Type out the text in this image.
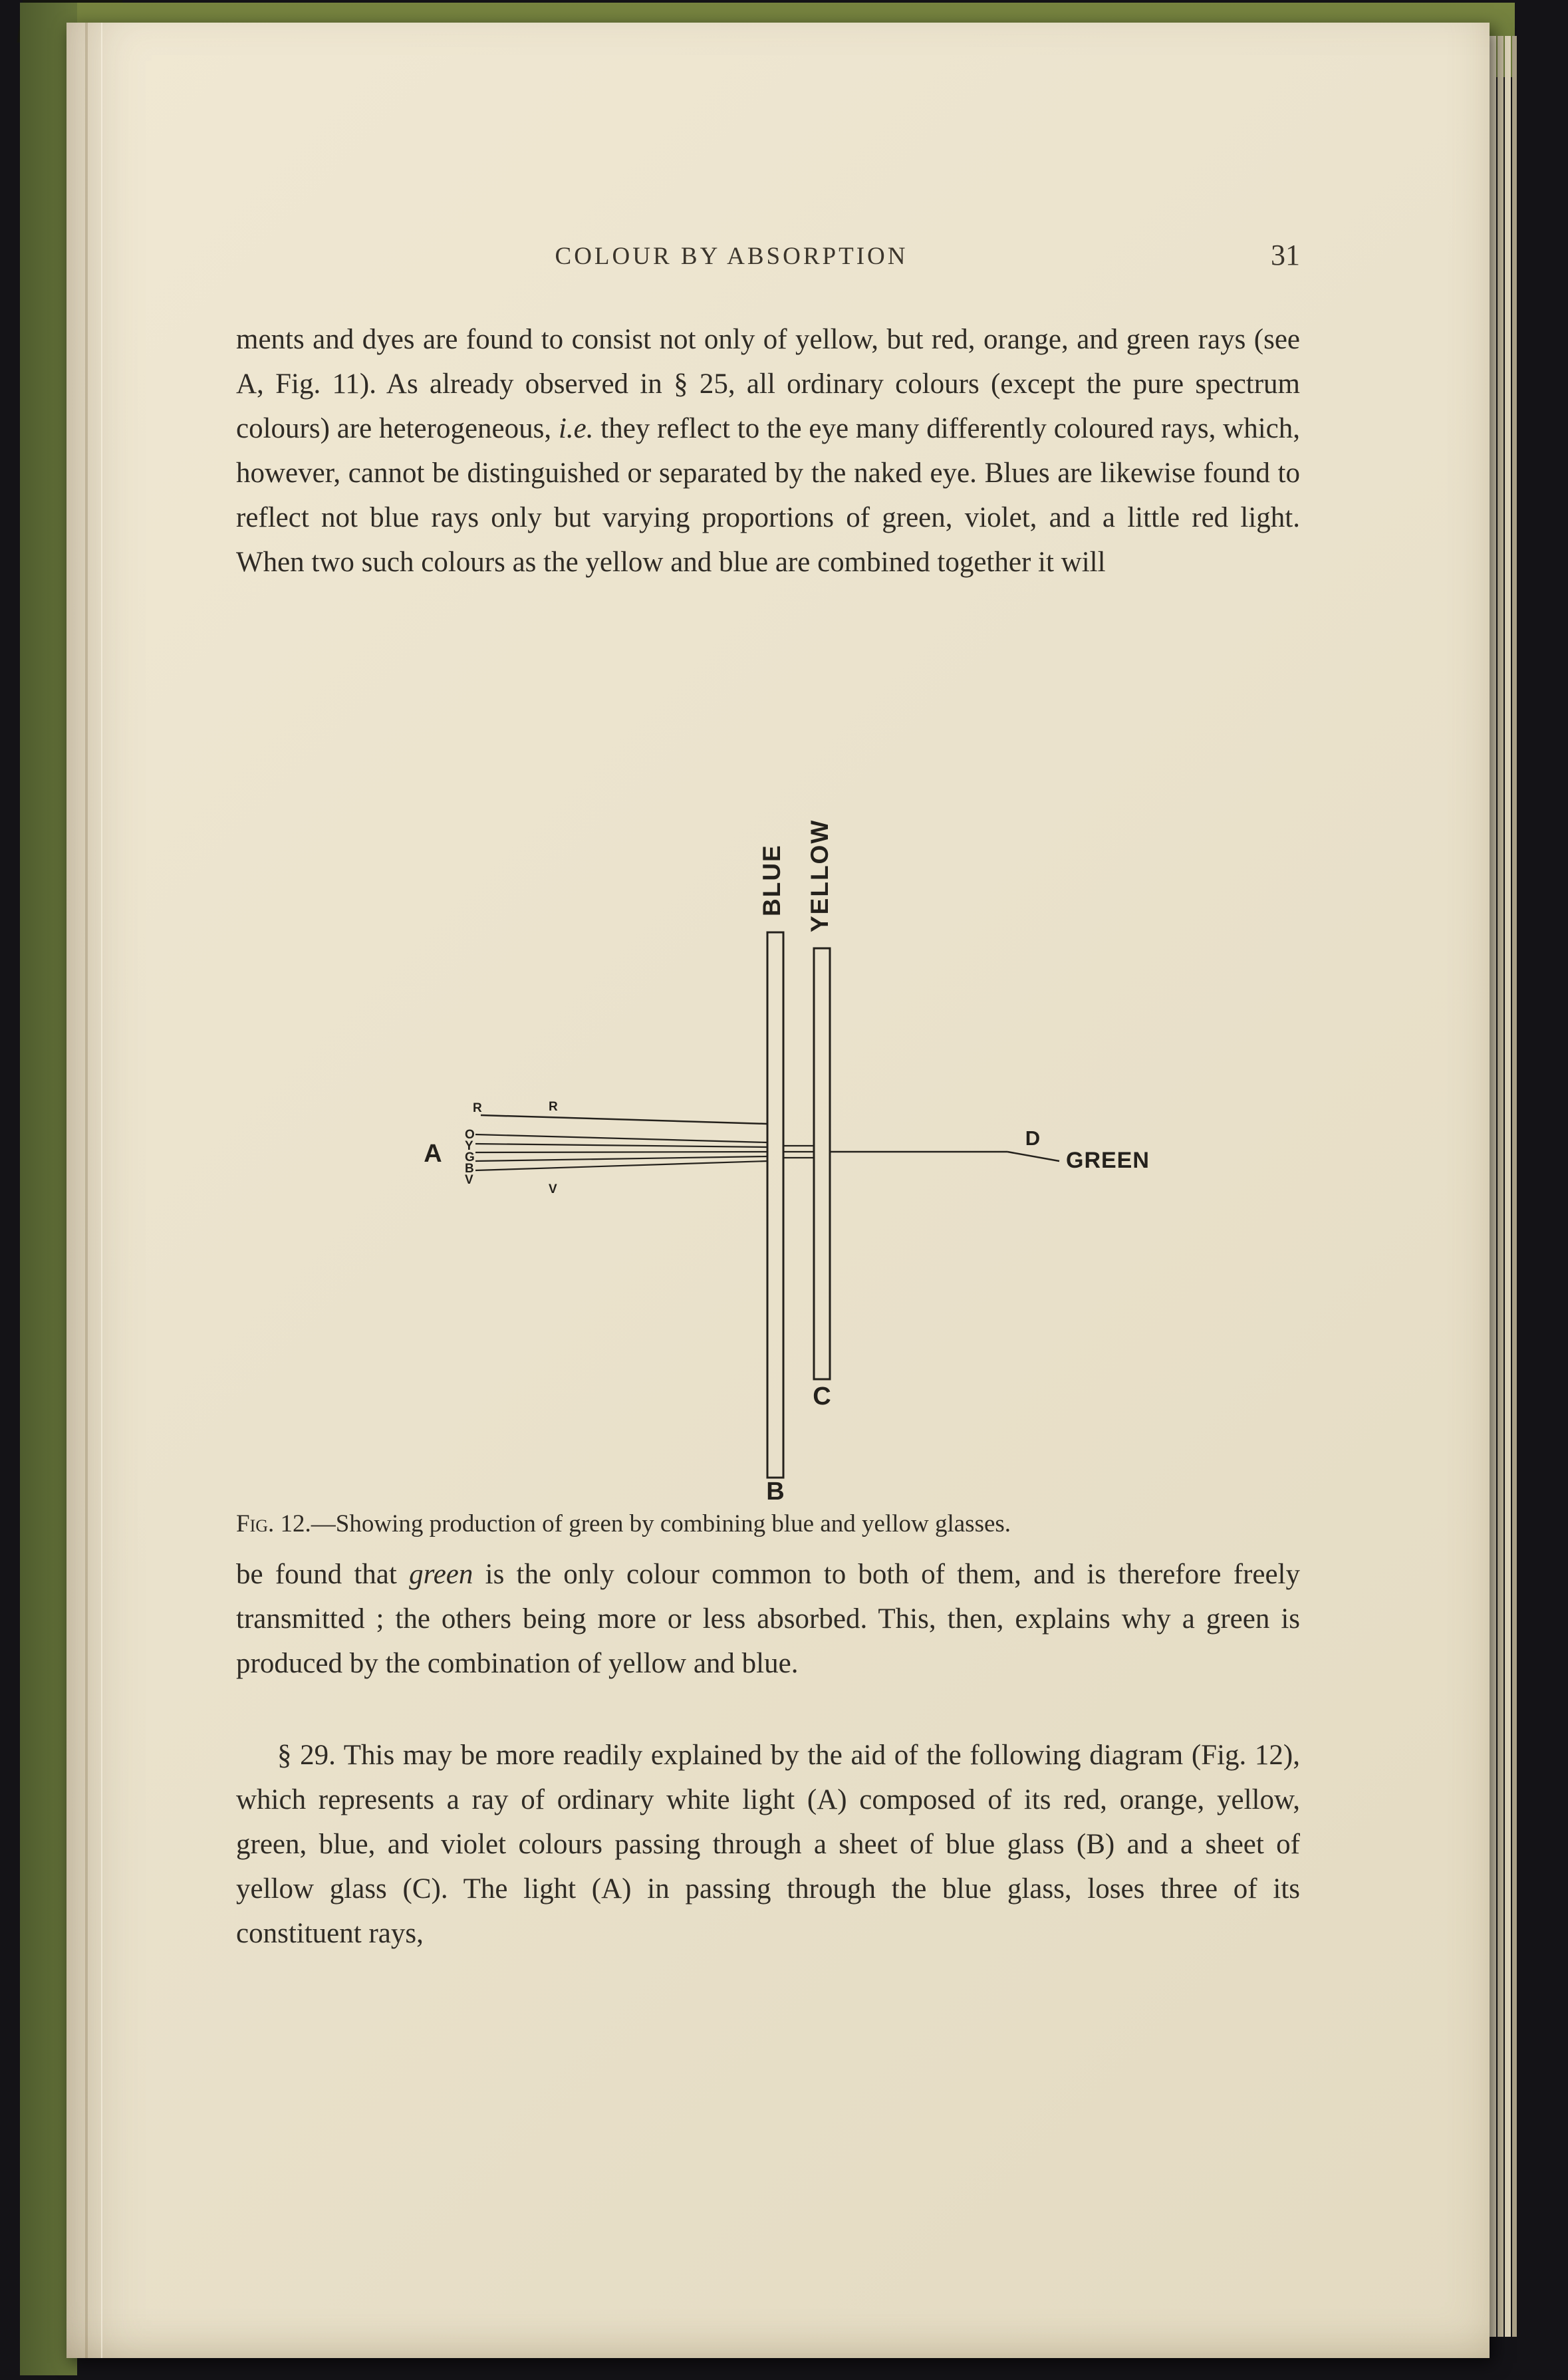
COLOUR BY ABSORPTION	31
ments and dyes are found to consist not only of yellow, but red, orange, and green rays (see A, Fig. 11). As already observed in § 25, all ordinary colours (except the pure spectrum colours) are heterogeneous, i.e. they reflect to the eye many differently coloured rays, which, however, cannot be distinguished or separated by the naked eye. Blues are likewise found to reflect not blue rays only but varying proportions of green, violet, and a little red light. When two such colours as the yellow and blue are combined together it will
BLUE YELLOW
B
C
R	R
O
Y
G
B
V
V
A
D
GREEN
Fig. 12.—Showing production of green by combining blue and yellow glasses.
be found that green is the only colour common to both of them, and is therefore freely transmitted ; the others being more or less absorbed. This, then, explains why a green is produced by the combination of yellow and blue.
§ 29. This may be more readily explained by the aid of the following diagram (Fig. 12), which represents a ray of ordinary white light (A) composed of its red, orange, yellow, green, blue, and violet colours passing through a sheet of blue glass (B) and a sheet of yellow glass (C). The light (A) in passing through the blue glass, loses three of its constituent rays,
